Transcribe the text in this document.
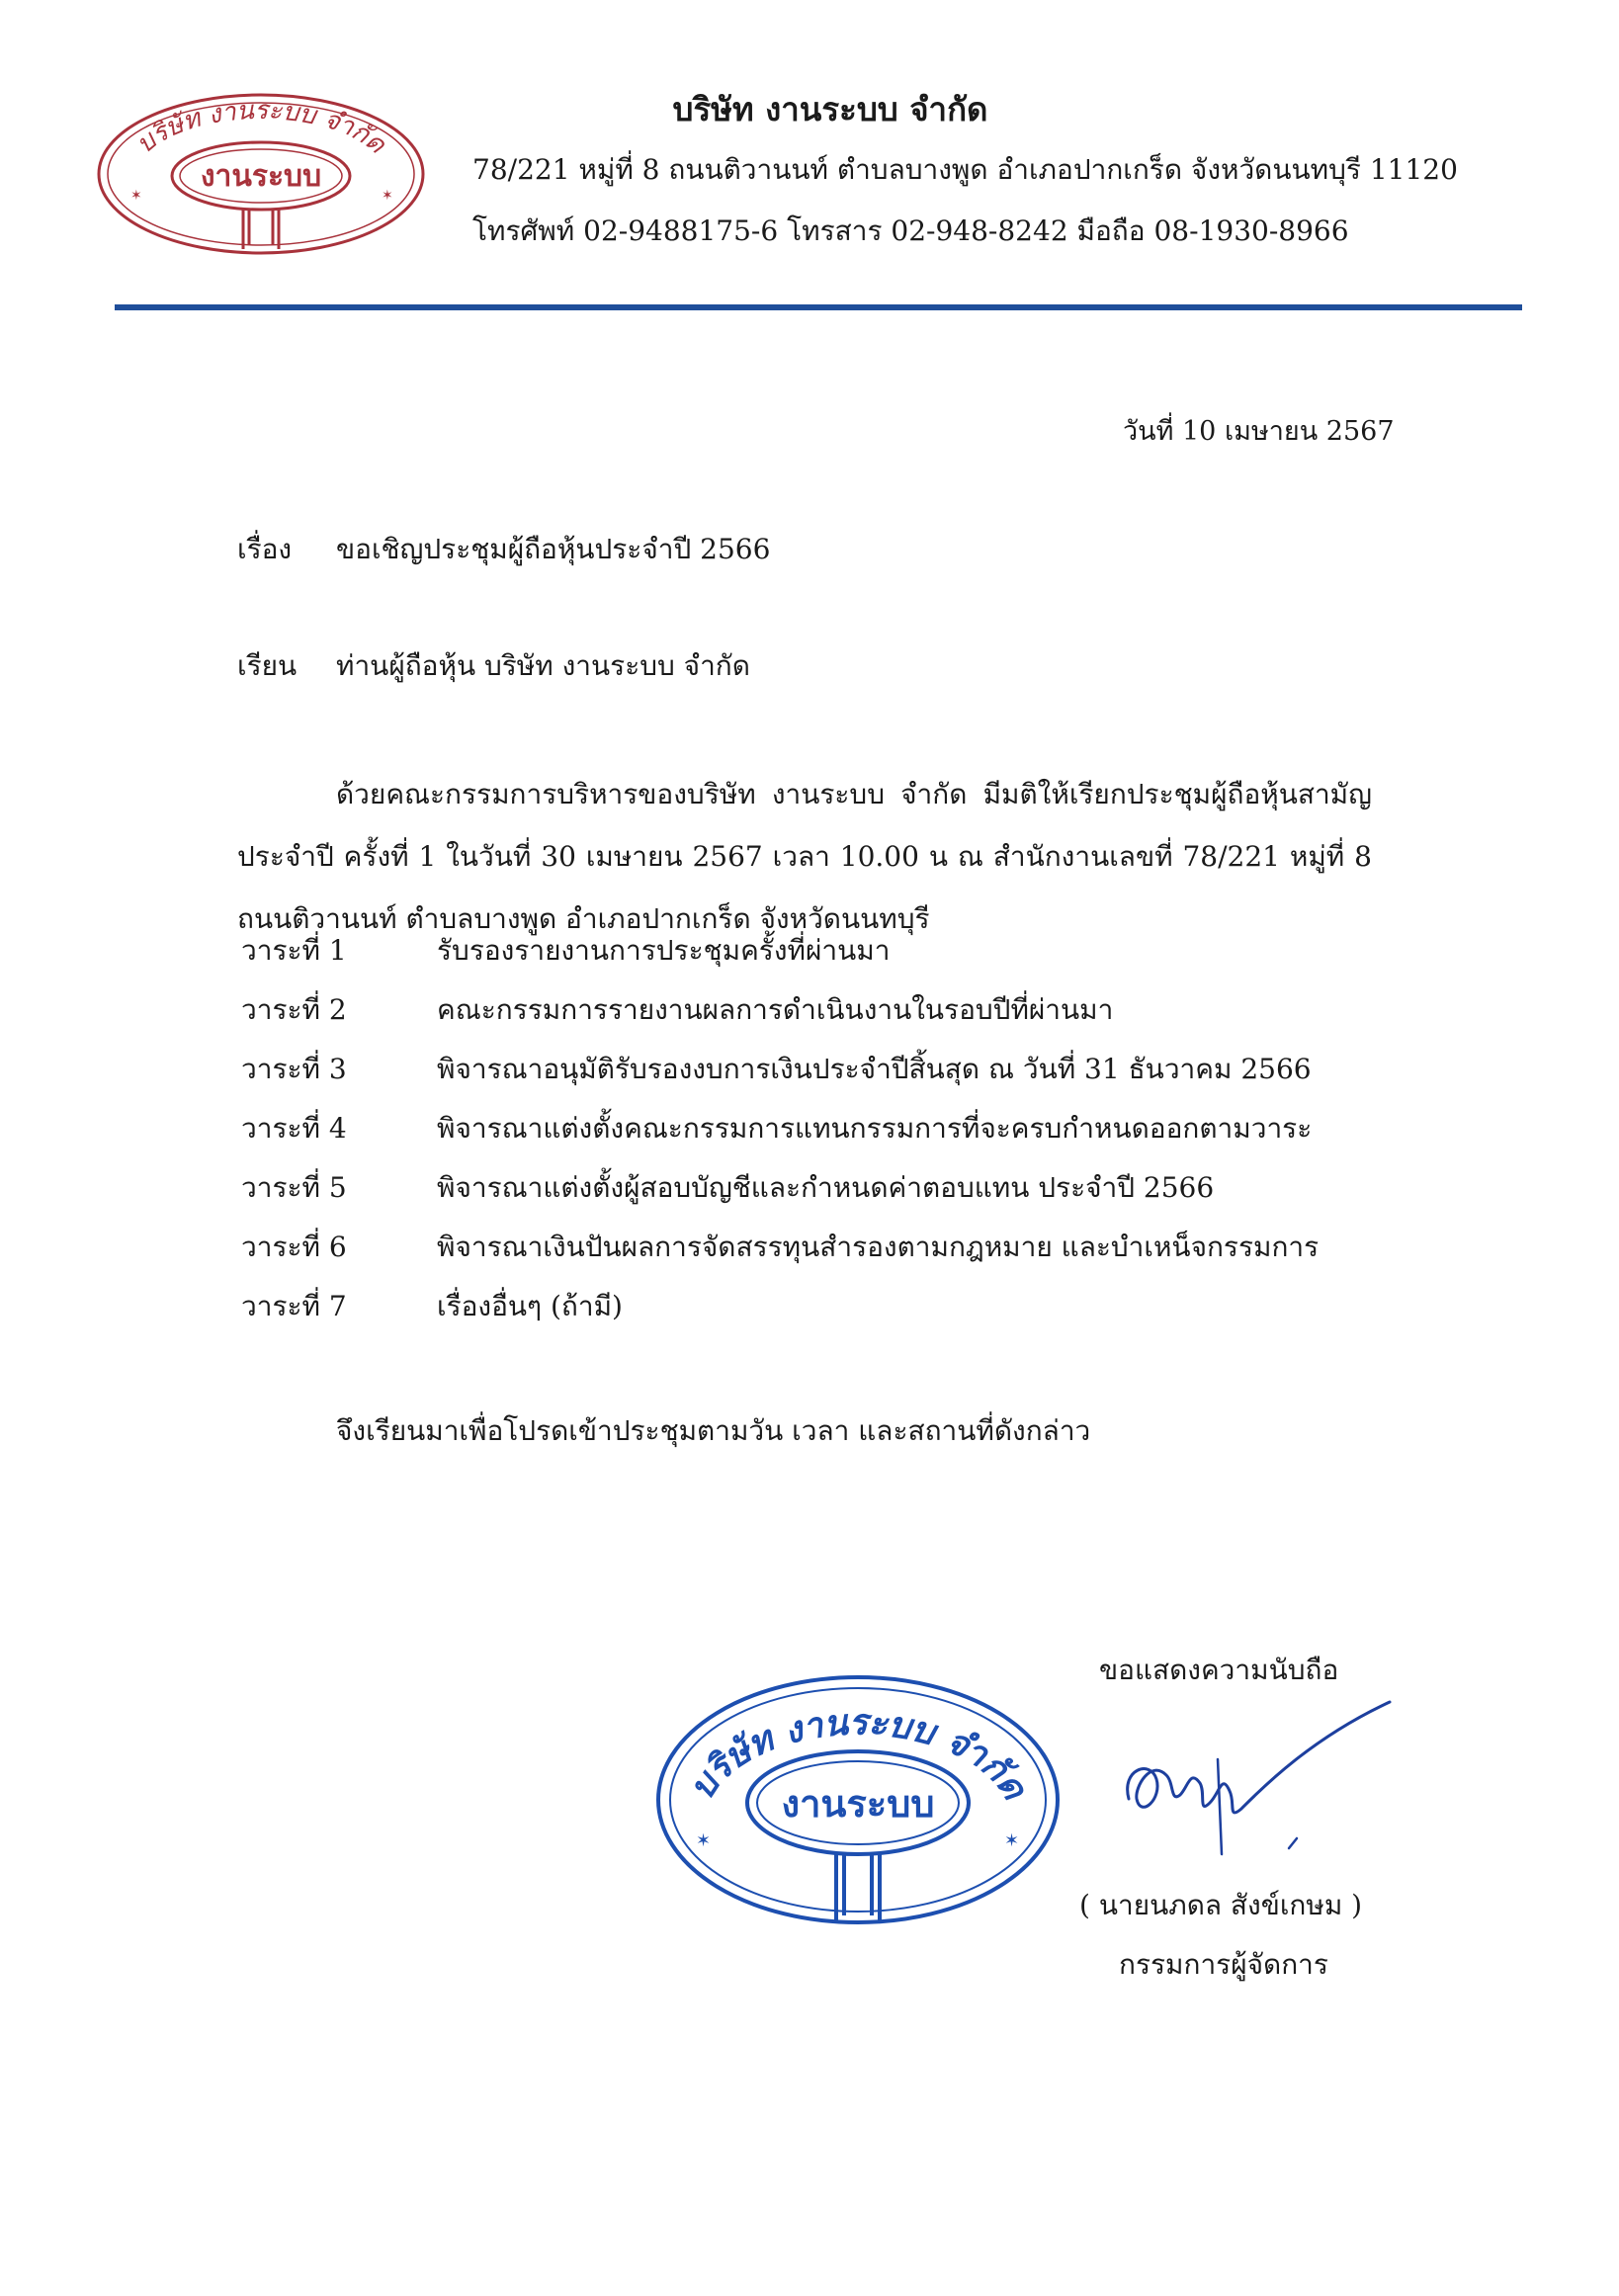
บริษัท งานระบบ จำกัด
งานระบบ
✶	✶
บริษัท งานระบบ จำกัด
78/221 หมู่ที่ 8 ถนนติวานนท์ ตำบลบางพูด อำเภอปากเกร็ด จังหวัดนนทบุรี 11120
โทรศัพท์ 02-9488175-6 โทรสาร 02-948-8242 มือถือ 08-1930-8966
วันที่ 10 เมษายน 2567
เรื่อง ขอเชิญประชุมผู้ถือหุ้นประจำปี 2566
เรียน ท่านผู้ถือหุ้น บริษัท งานระบบ จำกัด
ด้วยคณะกรรมการบริหารของบริษัท งานระบบ จำกัด มีมติให้เรียกประชุมผู้ถือหุ้นสามัญ ประจำปี ครั้งที่ 1 ในวันที่ 30 เมษายน 2567 เวลา 10.00 น ณ สำนักงานเลขที่ 78/221 หมู่ที่ 8 ถนนติวานนท์ ตำบลบางพูด อำเภอปากเกร็ด จังหวัดนนทบุรี
วาระที่ 1	รับรองรายงานการประชุมครั้งที่ผ่านมา
วาระที่ 2	คณะกรรมการรายงานผลการดำเนินงานในรอบปีที่ผ่านมา
วาระที่ 3	พิจารณาอนุมัติรับรองงบการเงินประจำปีสิ้นสุด ณ วันที่ 31 ธันวาคม 2566
วาระที่ 4	พิจารณาแต่งตั้งคณะกรรมการแทนกรรมการที่จะครบกำหนดออกตามวาระ
วาระที่ 5	พิจารณาแต่งตั้งผู้สอบบัญชีและกำหนดค่าตอบแทน ประจำปี 2566
วาระที่ 6	พิจารณาเงินปันผลการจัดสรรทุนสำรองตามกฎหมาย และบำเหน็จกรรมการ
วาระที่ 7	เรื่องอื่นๆ (ถ้ามี)
จึงเรียนมาเพื่อโปรดเข้าประชุมตามวัน เวลา และสถานที่ดังกล่าว
ขอแสดงความนับถือ
บริษัท งานระบบ จำกัด
งานระบบ
✶	✶
( นายนภดล สังข์เกษม )
กรรมการผู้จัดการ
